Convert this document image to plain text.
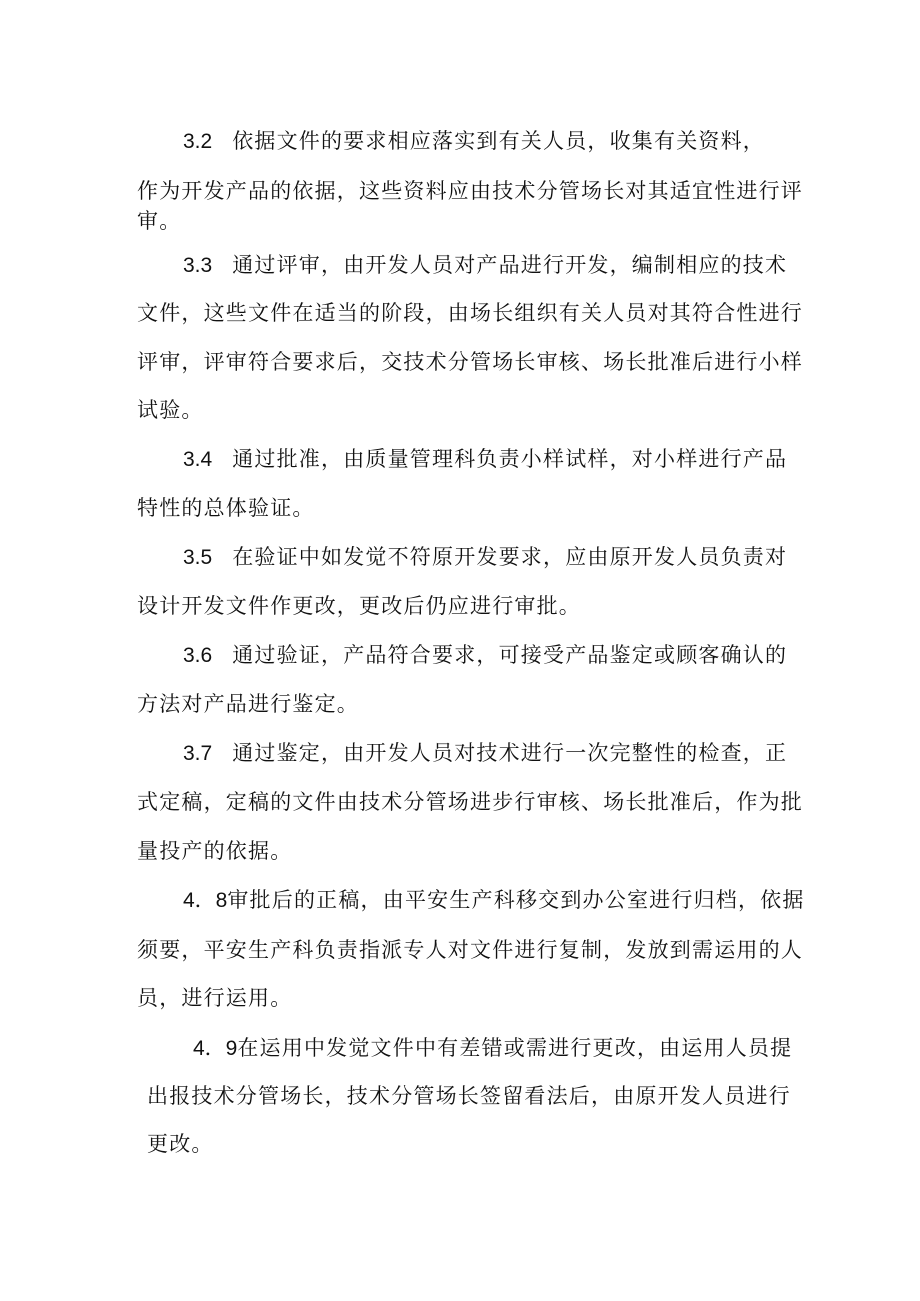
3.2 依据文件的要求相应落实到有关人员，收集有关资料，
作为开发产品的依据，这些资料应由技术分管场长对其适宜性进行评
审。
3.3 通过评审，由开发人员对产品进行开发，编制相应的技术
文件，这些文件在适当的阶段，由场长组织有关人员对其符合性进行
评审，评审符合要求后，交技术分管场长审核、场长批准后进行小样
试验。
3.4 通过批准，由质量管理科负责小样试样，对小样进行产品
特性的总体验证。
3.5 在验证中如发觉不符原开发要求，应由原开发人员负责对
设计开发文件作更改，更改后仍应进行审批。
3.6 通过验证，产品符合要求，可接受产品鉴定或顾客确认的
方法对产品进行鉴定。
3.7 通过鉴定，由开发人员对技术进行一次完整性的检查，正
式定稿，定稿的文件由技术分管场进步行审核、场长批准后，作为批
量投产的依据。
4．8审批后的正稿，由平安生产科移交到办公室进行归档，依据
须要，平安生产科负责指派专人对文件进行复制，发放到需运用的人
员，进行运用。
4．9在运用中发觉文件中有差错或需进行更改，由运用人员提
出报技术分管场长，技术分管场长签留看法后，由原开发人员进行
更改。
